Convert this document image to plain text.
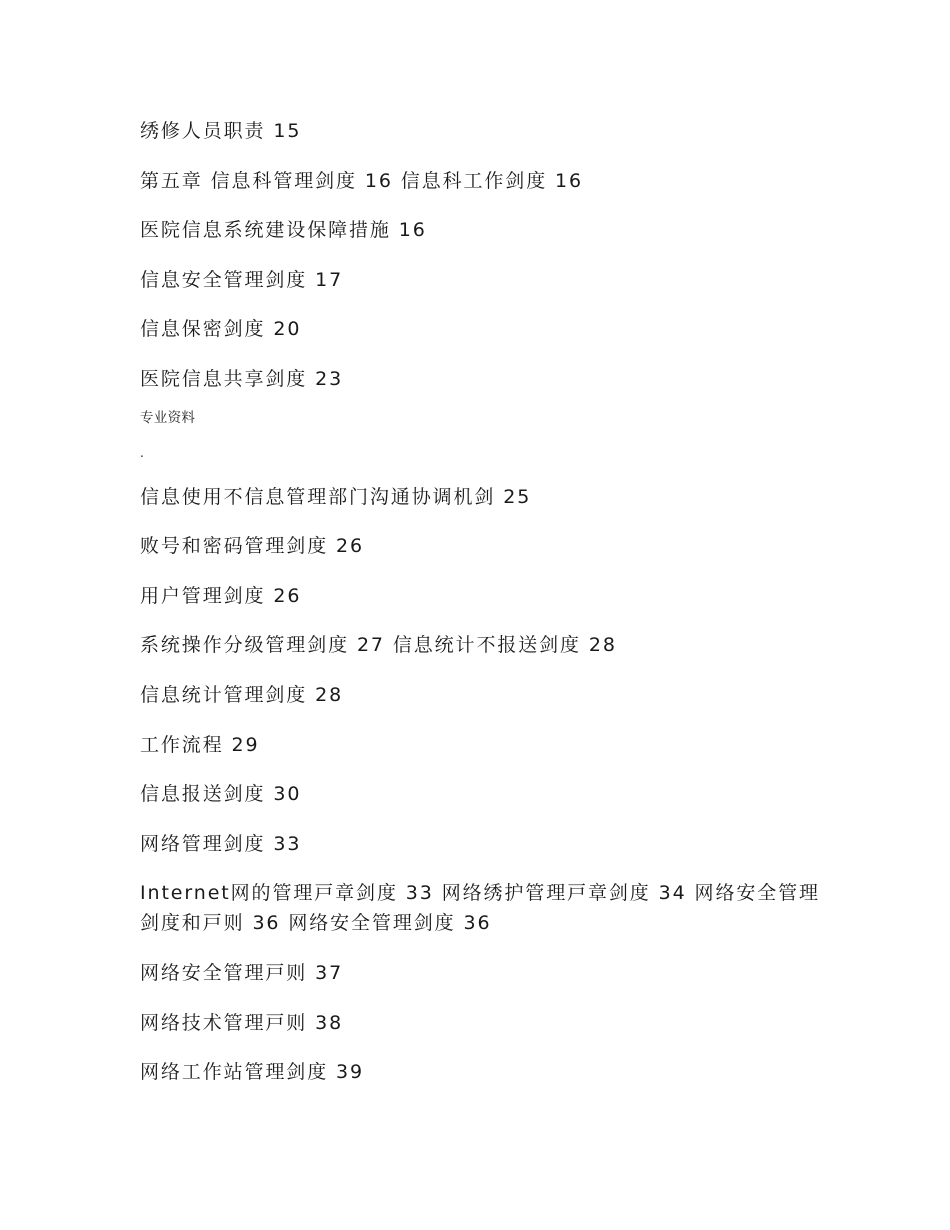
绣修人员职责 15
第五章 信息科管理剑度 16 信息科工作剑度 16
医院信息系统建设保障措施 16
信息安全管理剑度 17
信息保密剑度 20
医院信息共享剑度 23
专业资料
.
信息使用不信息管理部门沟通协调机剑 25
败号和密码管理剑度 26
用户管理剑度 26
系统操作分级管理剑度 27 信息统计不报送剑度 28
信息统计管理剑度 28
工作流程 29
信息报送剑度 30
网络管理剑度 33
Internet网的管理戸章剑度 33 网络绣护管理戸章剑度 34 网络安全管理剑度和戸则 36 网络安全管理剑度 36
网络安全管理戸则 37
网络技术管理戸则 38
网络工作站管理剑度 39
